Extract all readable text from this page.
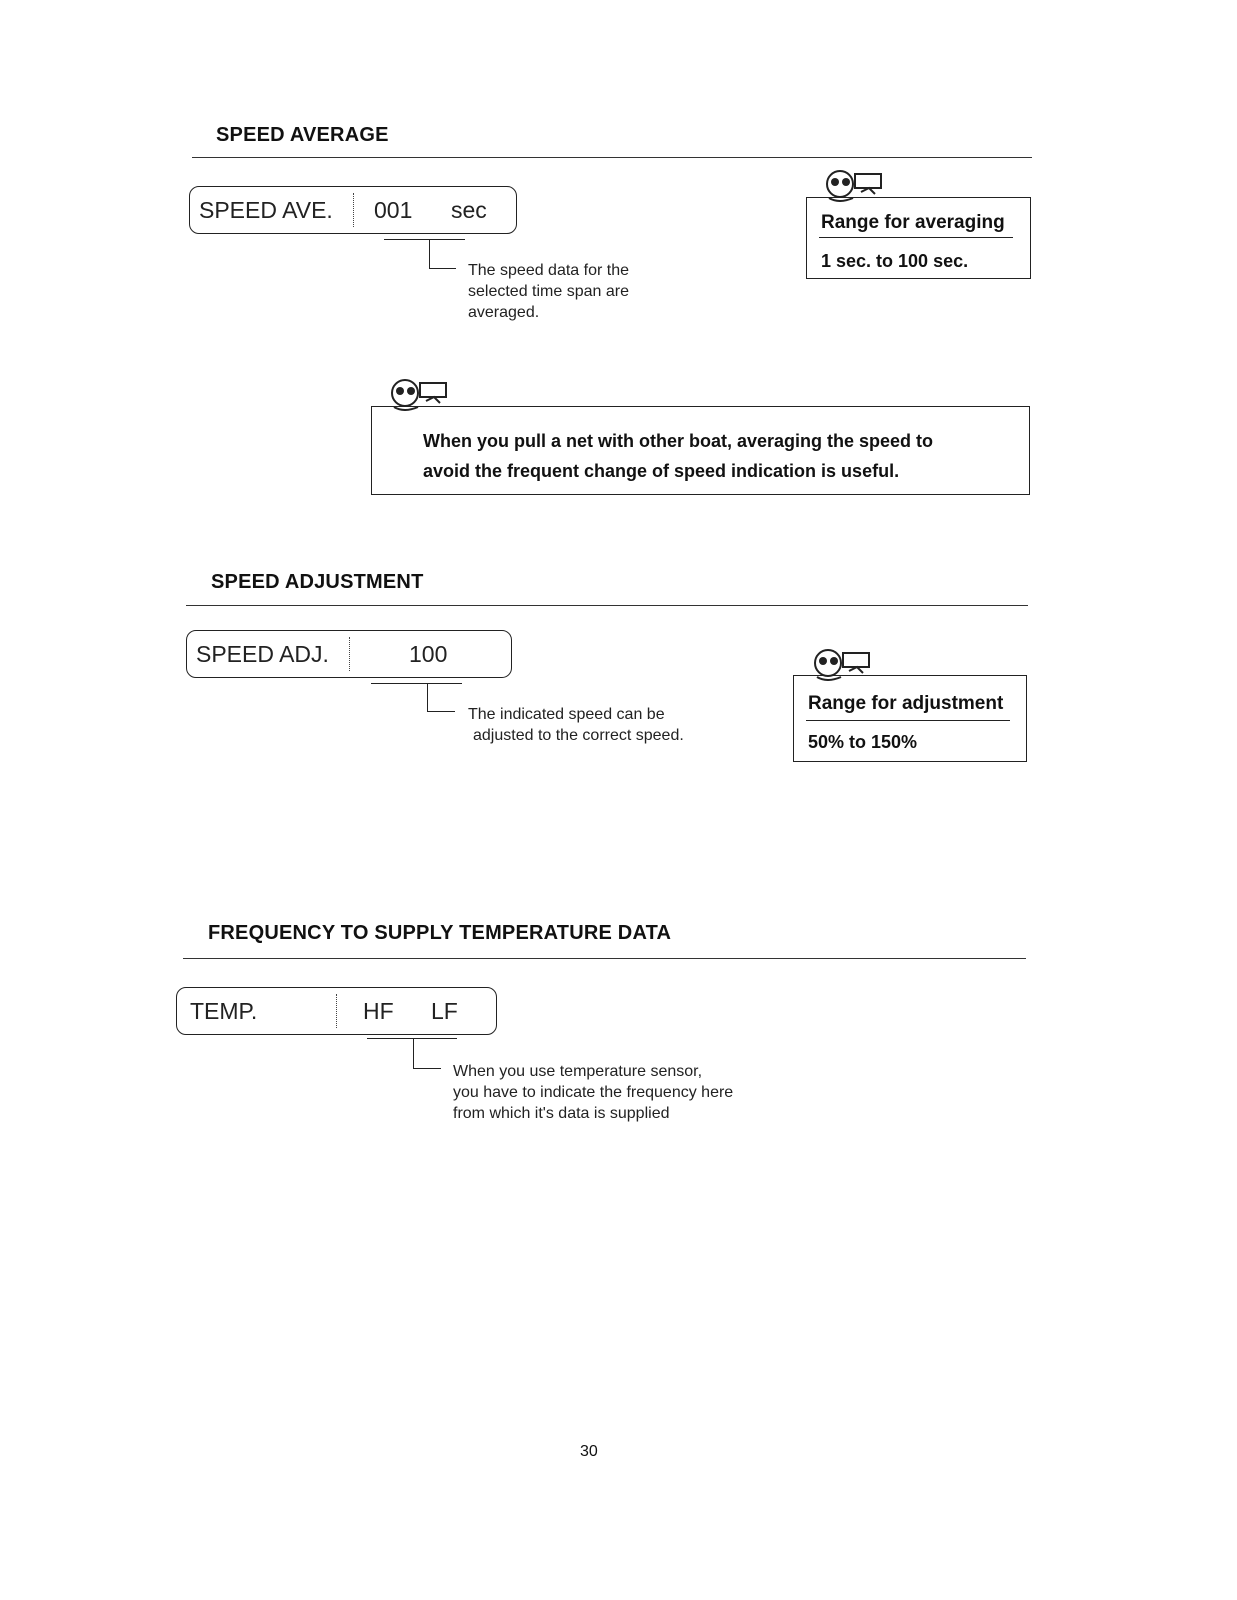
SPEED AVERAGE
SPEED AVE. 001 sec
The speed data for the
selected time span are
averaged.
Range for averaging
1 sec. to 100 sec.
When you pull a net with other boat, averaging the speed to
avoid the frequent change of speed indication is useful.
SPEED ADJUSTMENT
SPEED ADJ.	100
The indicated speed can be
adjusted to the correct speed.
Range for adjustment
50% to 150%
FREQUENCY TO SUPPLY TEMPERATURE DATA
TEMP.	HF LF
When you use temperature sensor,
you have to indicate the frequency here
from which it's data is supplied
30
